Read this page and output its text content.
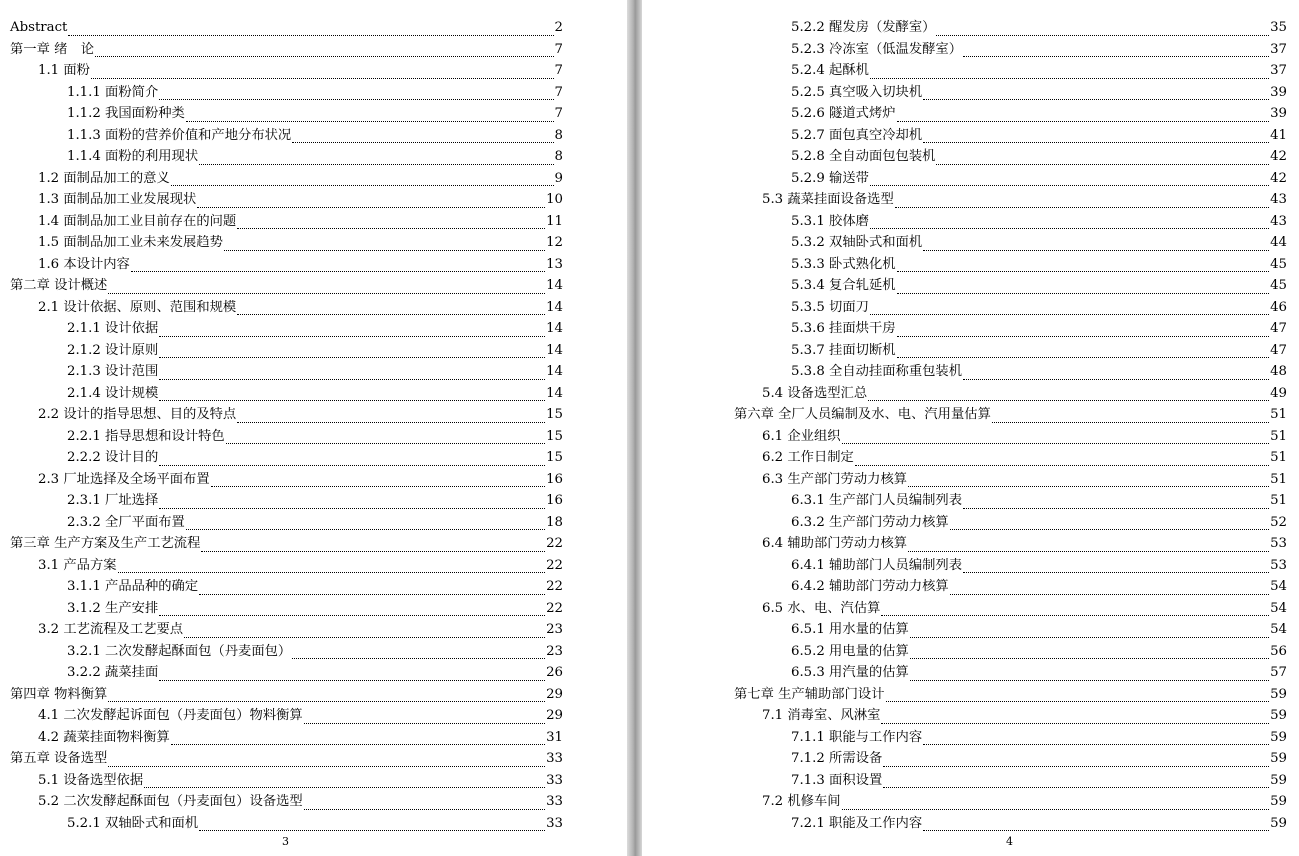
Abstract	2
第一章 绪　论	7
1.1 面粉	7
1.1.1 面粉简介	7
1.1.2 我国面粉种类	7
1.1.3 面粉的营养价值和产地分布状况	8
1.1.4 面粉的利用现状	8
1.2 面制品加工的意义	9
1.3 面制品加工业发展现状	10
1.4 面制品加工业目前存在的问题	11
1.5 面制品加工业未来发展趋势	12
1.6 本设计内容	13
第二章 设计概述	14
2.1 设计依据、原则、范围和规模	14
2.1.1 设计依据	14
2.1.2 设计原则	14
2.1.3 设计范围	14
2.1.4 设计规模	14
2.2 设计的指导思想、目的及特点	15
2.2.1 指导思想和设计特色	15
2.2.2 设计目的	15
2.3 厂址选择及全场平面布置	16
2.3.1 厂址选择	16
2.3.2 全厂平面布置	18
第三章 生产方案及生产工艺流程	22
3.1 产品方案	22
3.1.1 产品品种的确定	22
3.1.2 生产安排	22
3.2 工艺流程及工艺要点	23
3.2.1 二次发酵起酥面包（丹麦面包）	23
3.2.2 蔬菜挂面	26
第四章 物料衡算	29
4.1 二次发酵起诉面包（丹麦面包）物料衡算	29
4.2 蔬菜挂面物料衡算	31
第五章 设备选型	33
5.1 设备选型依据	33
5.2 二次发酵起酥面包（丹麦面包）设备选型	33
5.2.1 双轴卧式和面机	33
3
5.2.2 醒发房（发酵室）	35
5.2.3 冷冻室（低温发酵室）	37
5.2.4 起酥机	37
5.2.5 真空吸入切块机	39
5.2.6 隧道式烤炉	39
5.2.7 面包真空冷却机	41
5.2.8 全自动面包包装机	42
5.2.9 输送带	42
5.3 蔬菜挂面设备选型	43
5.3.1 胶体磨	43
5.3.2 双轴卧式和面机	44
5.3.3 卧式熟化机	45
5.3.4 复合轧延机	45
5.3.5 切面刀	46
5.3.6 挂面烘干房	47
5.3.7 挂面切断机	47
5.3.8 全自动挂面称重包装机	48
5.4 设备选型汇总	49
第六章 全厂人员编制及水、电、汽用量估算	51
6.1 企业组织	51
6.2 工作日制定	51
6.3 生产部门劳动力核算	51
6.3.1 生产部门人员编制列表	51
6.3.2 生产部门劳动力核算	52
6.4 辅助部门劳动力核算	53
6.4.1 辅助部门人员编制列表	53
6.4.2 辅助部门劳动力核算	54
6.5 水、电、汽估算	54
6.5.1 用水量的估算	54
6.5.2 用电量的估算	56
6.5.3 用汽量的估算	57
第七章 生产辅助部门设计	59
7.1 消毒室、风淋室	59
7.1.1 职能与工作内容	59
7.1.2 所需设备	59
7.1.3 面积设置	59
7.2 机修车间	59
7.2.1 职能及工作内容	59
4
